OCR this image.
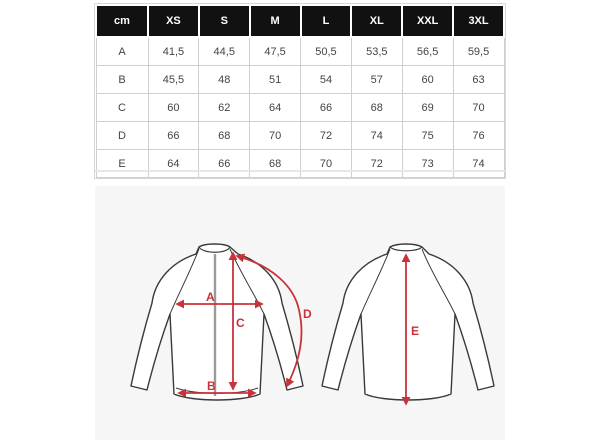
cm	XS	S	M	L	XL	XXL	3XL
A	41,5	44,5	47,5	50,5	53,5	56,5	59,5
B	45,5	48	51	54	57	60	63
C	60	62	64	66	68	69	70
D	66	68	70	72	74	75	76
E	64	66	68	70	72	73	74
A
B
C
D
E
